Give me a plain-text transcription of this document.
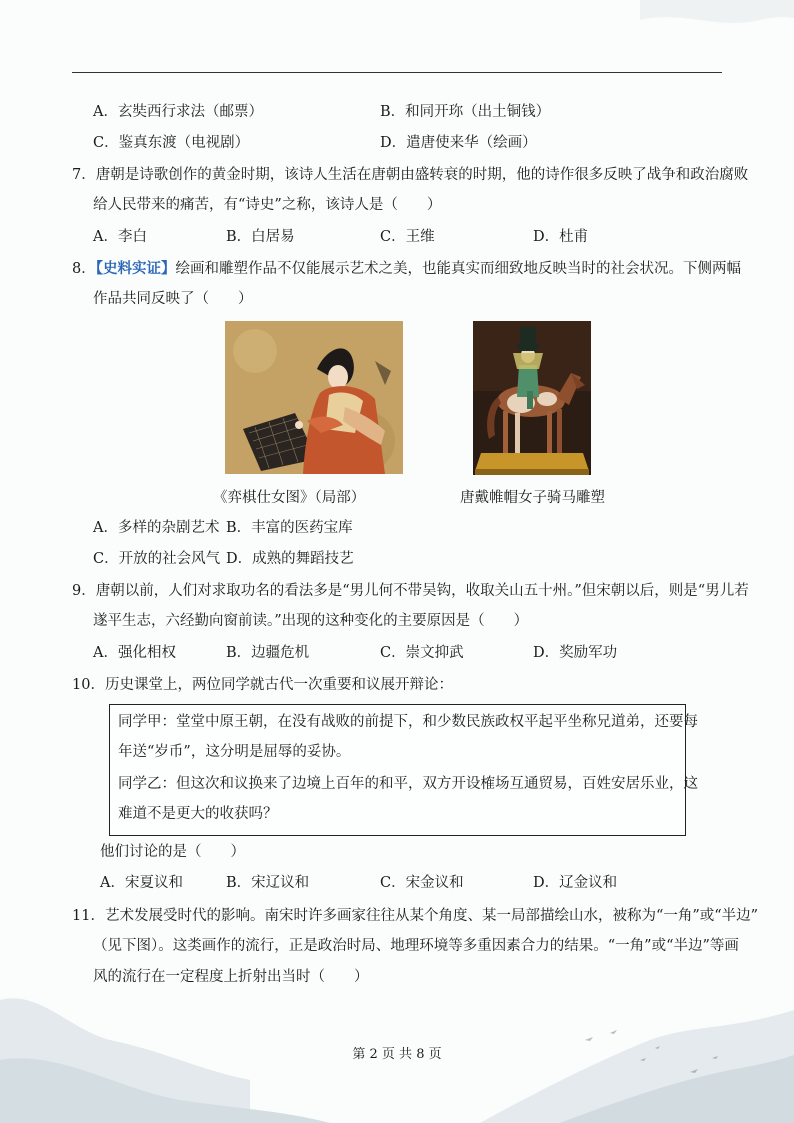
A．玄奘西行求法（邮票）	B．和同开珎（出土铜钱）
C．鉴真东渡（电视剧）	D．遣唐使来华（绘画）
7．唐朝是诗歌创作的黄金时期，该诗人生活在唐朝由盛转衰的时期，他的诗作很多反映了战争和政治腐败
给人民带来的痛苦，有“诗史”之称，该诗人是（　　）
A．李白	B．白居易	C．王维	D．杜甫
8．【史料实证】绘画和雕塑作品不仅能展示艺术之美，也能真实而细致地反映当时的社会状况。下侧两幅
作品共同反映了（　　）
《弈棋仕女图》（局部）	唐戴帷帽女子骑马雕塑
A．多样的杂剧艺术 B．丰富的医药宝库
C．开放的社会风气 D．成熟的舞蹈技艺
9．唐朝以前，人们对求取功名的看法多是“男儿何不带吴钩，收取关山五十州。”但宋朝以后，则是“男儿若
遂平生志，六经勤向窗前读。”出现的这种变化的主要原因是（　　）
A．强化相权	B．边疆危机	C．崇文抑武	D．奖励军功
10．历史课堂上，两位同学就古代一次重要和议展开辩论：
同学甲：堂堂中原王朝，在没有战败的前提下，和少数民族政权平起平坐称兄道弟，还要每
年送“岁币”，这分明是屈辱的妥协。
同学乙：但这次和议换来了边境上百年的和平，双方开设榷场互通贸易，百姓安居乐业，这
难道不是更大的收获吗？
他们讨论的是（　　）
A．宋夏议和	B．宋辽议和	C．宋金议和	D．辽金议和
11．艺术发展受时代的影响。南宋时许多画家往往从某个角度、某一局部描绘山水，被称为“一角”或“半边”
（见下图）。这类画作的流行，正是政治时局、地理环境等多重因素合力的结果。“一角”或“半边”等画
风的流行在一定程度上折射出当时（　　）
第 2 页 共 8 页
